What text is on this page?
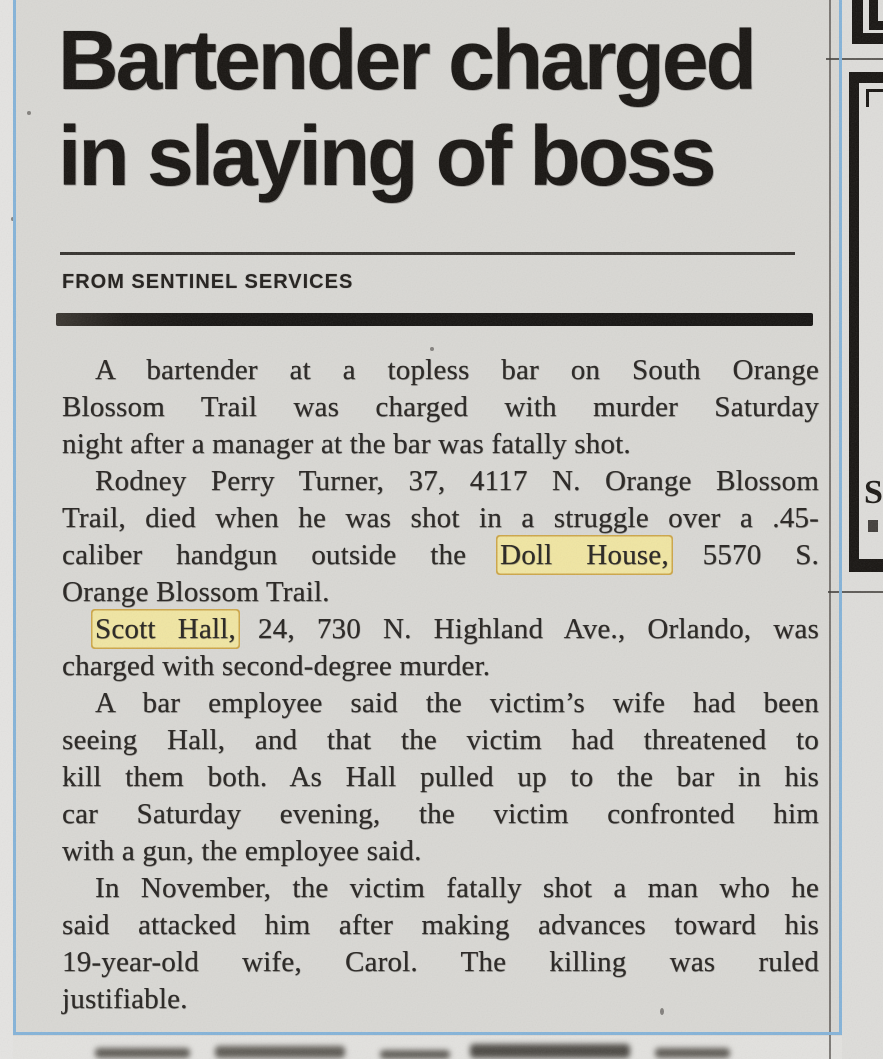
Bartender charged
in slaying of boss
FROM SENTINEL SERVICES
A bartender at a topless bar on South Orange
Blossom Trail was charged with murder Saturday
night after a manager at the bar was fatally shot.
Rodney Perry Turner, 37, 4117 N. Orange Blossom
Trail, died when he was shot in a struggle over a .45-
caliber handgun outside the Doll House, 5570 S.
Orange Blossom Trail.
Scott Hall, 24, 730 N. Highland Ave., Orlando, was
charged with second-degree murder.
A bar employee said the victim’s wife had been
seeing Hall, and that the victim had threatened to
kill them both. As Hall pulled up to the bar in his
car Saturday evening, the victim confronted him
with a gun, the employee said.
In November, the victim fatally shot a man who he
said attacked him after making advances toward his
19-year-old wife, Carol. The killing was ruled
justifiable.
S
